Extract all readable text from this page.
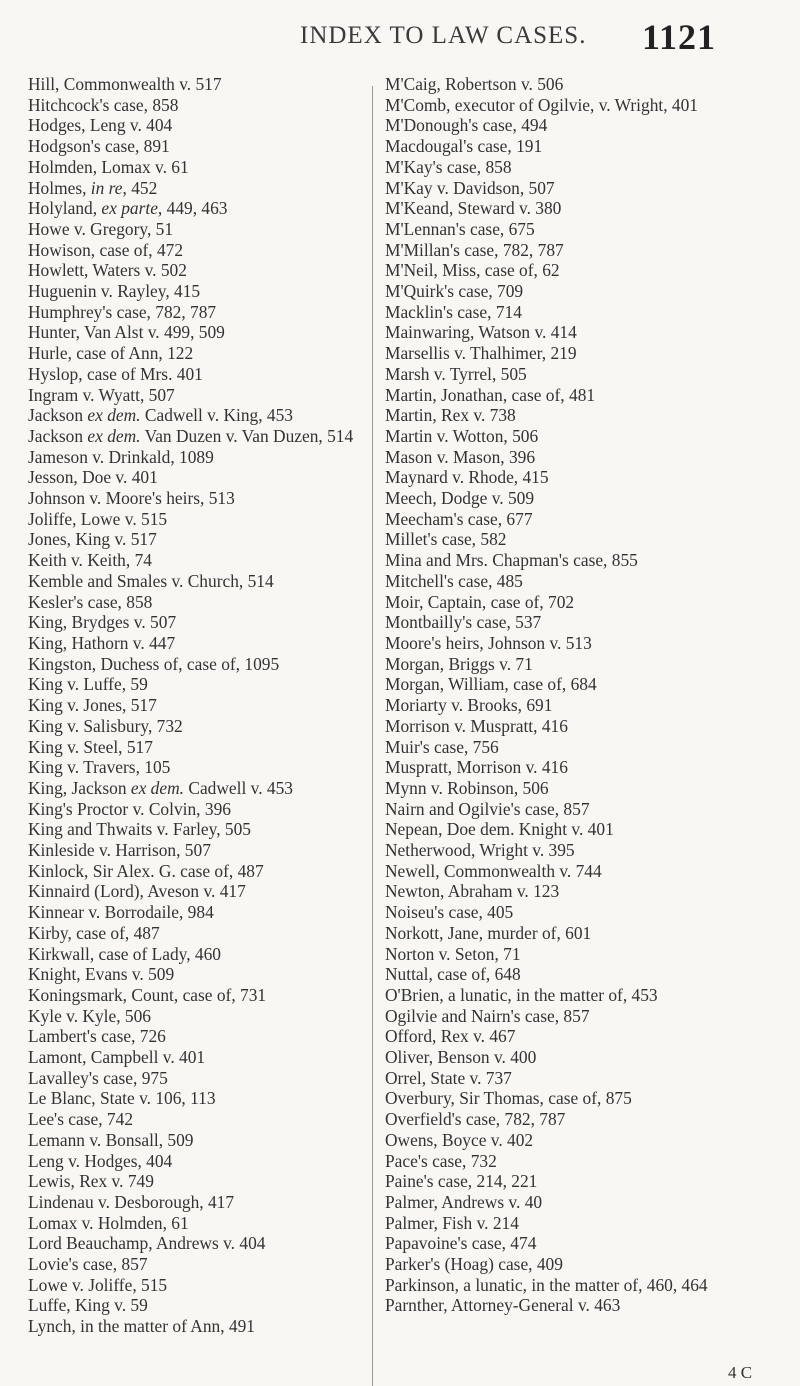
INDEX TO LAW CASES. 1121
Hill, Commonwealth v. 517
Hitchcock's case, 858
Hodges, Leng v. 404
Hodgson's case, 891
Holmden, Lomax v. 61
Holmes, in re, 452
Holyland, ex parte, 449, 463
Howe v. Gregory, 51
Howison, case of, 472
Howlett, Waters v. 502
Huguenin v. Rayley, 415
Humphrey's case, 782, 787
Hunter, Van Alst v. 499, 509
Hurle, case of Ann, 122
Hyslop, case of Mrs. 401
Ingram v. Wyatt, 507
Jackson ex dem. Cadwell v. King, 453
Jackson ex dem. Van Duzen v. Van Duzen, 514
Jameson v. Drinkald, 1089
Jesson, Doe v. 401
Johnson v. Moore's heirs, 513
Joliffe, Lowe v. 515
Jones, King v. 517
Keith v. Keith, 74
Kemble and Smales v. Church, 514
Kesler's case, 858
King, Brydges v. 507
King, Hathorn v. 447
Kingston, Duchess of, case of, 1095
King v. Luffe, 59
King v. Jones, 517
King v. Salisbury, 732
King v. Steel, 517
King v. Travers, 105
King, Jackson ex dem. Cadwell v. 453
King's Proctor v. Colvin, 396
King and Thwaits v. Farley, 505
Kinleside v. Harrison, 507
Kinlock, Sir Alex. G. case of, 487
Kinnaird (Lord), Aveson v. 417
Kinnear v. Borrodaile, 984
Kirby, case of, 487
Kirkwall, case of Lady, 460
Knight, Evans v. 509
Koningsmark, Count, case of, 731
Kyle v. Kyle, 506
Lambert's case, 726
Lamont, Campbell v. 401
Lavalley's case, 975
Le Blanc, State v. 106, 113
Lee's case, 742
Lemann v. Bonsall, 509
Leng v. Hodges, 404
Lewis, Rex v. 749
Lindenau v. Desborough, 417
Lomax v. Holmden, 61
Lord Beauchamp, Andrews v. 404
Lovie's case, 857
Lowe v. Joliffe, 515
Luffe, King v. 59
Lynch, in the matter of Ann, 491
M'Caig, Robertson v. 506
M'Comb, executor of Ogilvie, v. Wright, 401
M'Donough's case, 494
Macdougal's case, 191
M'Kay's case, 858
M'Kay v. Davidson, 507
M'Keand, Steward v. 380
M'Lennan's case, 675
M'Millan's case, 782, 787
M'Neil, Miss, case of, 62
M'Quirk's case, 709
Macklin's case, 714
Mainwaring, Watson v. 414
Marsellis v. Thalhimer, 219
Marsh v. Tyrrel, 505
Martin, Jonathan, case of, 481
Martin, Rex v. 738
Martin v. Wotton, 506
Mason v. Mason, 396
Maynard v. Rhode, 415
Meech, Dodge v. 509
Meecham's case, 677
Millet's case, 582
Mina and Mrs. Chapman's case, 855
Mitchell's case, 485
Moir, Captain, case of, 702
Montbailly's case, 537
Moore's heirs, Johnson v. 513
Morgan, Briggs v. 71
Morgan, William, case of, 684
Moriarty v. Brooks, 691
Morrison v. Muspratt, 416
Muir's case, 756
Muspratt, Morrison v. 416
Mynn v. Robinson, 506
Nairn and Ogilvie's case, 857
Nepean, Doe dem. Knight v. 401
Netherwood, Wright v. 395
Newell, Commonwealth v. 744
Newton, Abraham v. 123
Noiseu's case, 405
Norkott, Jane, murder of, 601
Norton v. Seton, 71
Nuttal, case of, 648
O'Brien, a lunatic, in the matter of, 453
Ogilvie and Nairn's case, 857
Offord, Rex v. 467
Oliver, Benson v. 400
Orrel, State v. 737
Overbury, Sir Thomas, case of, 875
Overfield's case, 782, 787
Owens, Boyce v. 402
Pace's case, 732
Paine's case, 214, 221
Palmer, Andrews v. 40
Palmer, Fish v. 214
Papavoine's case, 474
Parker's (Hoag) case, 409
Parkinson, a lunatic, in the matter of, 460, 464
Parnther, Attorney-General v. 463
4 C
